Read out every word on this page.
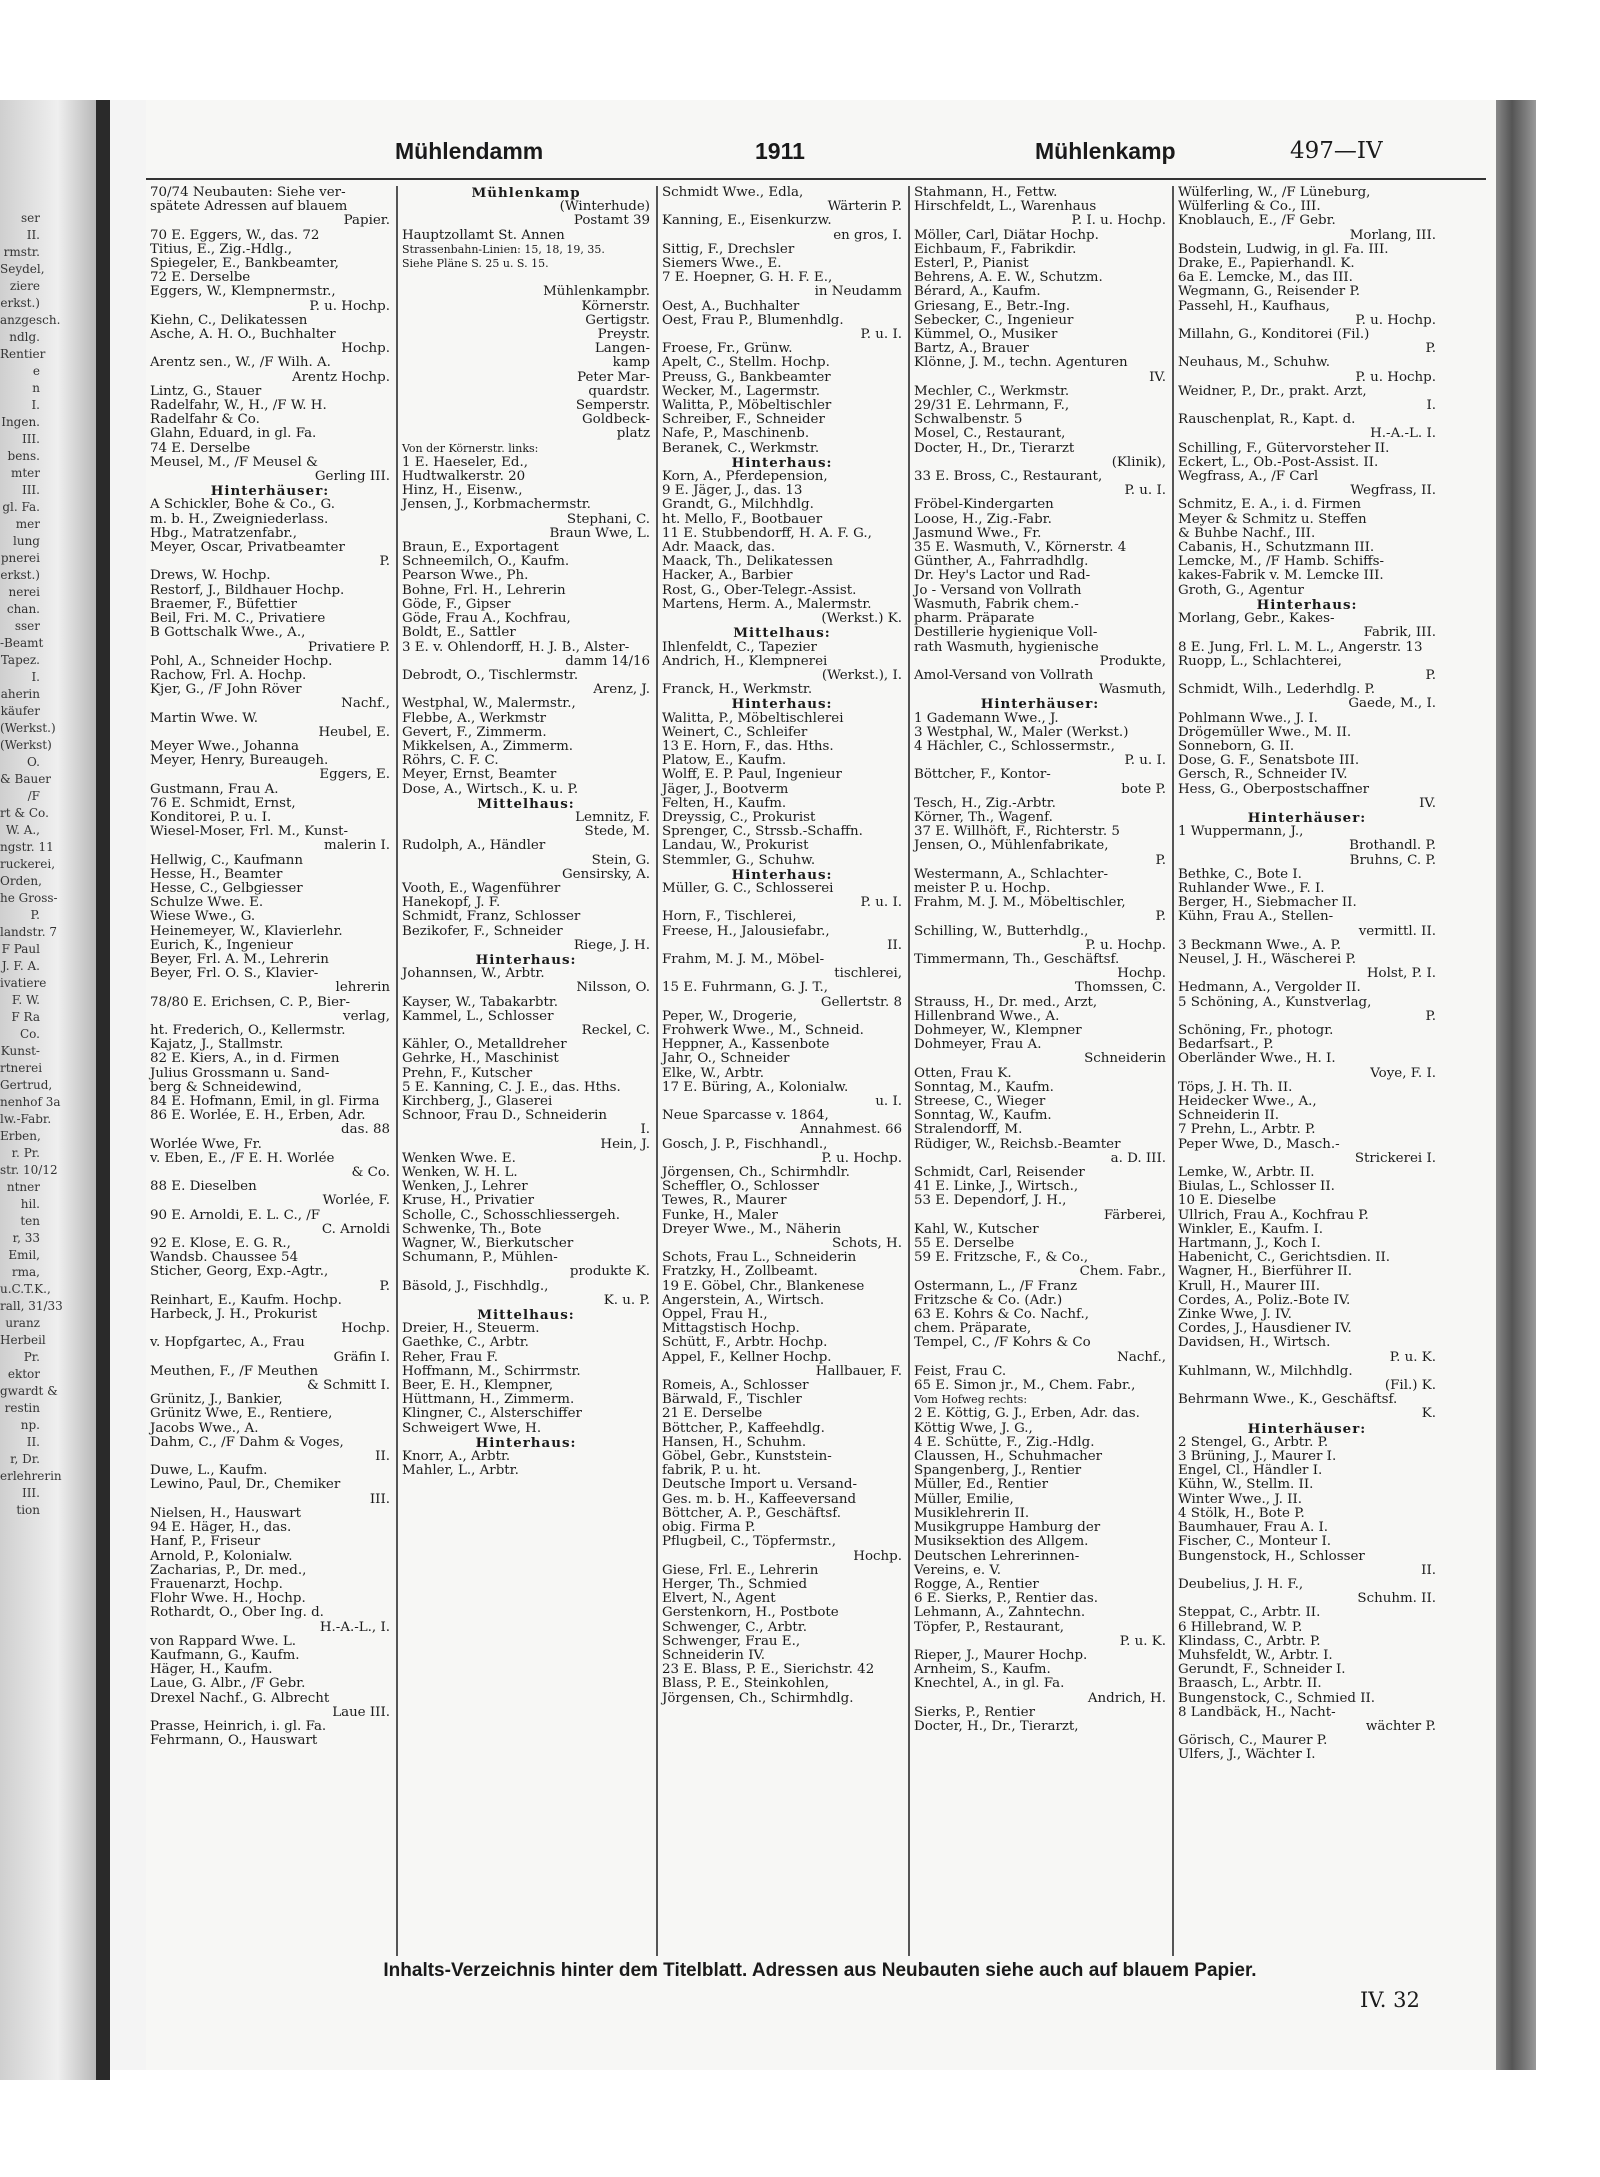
ser
II.
rmstr.
Seydel,
ziere
erkst.)
anzgesch.
ndlg.
Rentier
e
n
I.
Ingen.
III.
bens.
mter
III.
gl. Fa.
mer
lung
pnerei
erkst.)
nerei
chan.
sser
-Beamt
Tapez.
I.
aherin
käufer
(Werkst.)
(Werkst)
O.
& Bauer
/F
rt & Co.
W. A.,
ngstr. 11
ruckerei,
Orden,
he Gross-
P.
landstr. 7
F Paul
J. F. A.
ivatiere
F. W.
F Ra
Co.
Kunst-
rtnerei
Gertrud,
nenhof 3a
lw.-Fabr.
Erben,
r. Pr.
str. 10/12
ntner
hil.
ten
r, 33
Emil,
rma,
u.C.T.K.,
rall, 31/33
uranz
Herbeil
Pr.
ektor
gwardt &
restin
np.
II.
r, Dr.
erlehrerin
III.
tion
Mühlendamm	1911	Mühlenkamp	497—IV
70/74 Neubauten: Siehe ver-
spätete Adressen auf blauem
Papier.
70 E. Eggers, W., das. 72
Titius, E., Zig.-Hdlg.,
Spiegeler, E., Bankbeamter,
72 E. Derselbe
Eggers, W., Klempnermstr.,
P. u. Hochp.
Kiehn, C., Delikatessen
Asche, A. H. O., Buchhalter
Hochp.
Arentz sen., W., /F Wilh. A.
Arentz Hochp.
Lintz, G., Stauer
Radelfahr, W., H., /F W. H.
Radelfahr & Co.
Glahn, Eduard, in gl. Fa.
74 E. Derselbe
Meusel, M., /F Meusel &
Gerling III.
Hinterhäuser:
A Schickler, Bohe & Co., G.
m. b. H., Zweigniederlass.
Hbg., Matratzenfabr.,
Meyer, Oscar, Privatbeamter
P.
Drews, W. Hochp.
Restorf, J., Bildhauer Hochp.
Braemer, F., Büfettier
Beil, Fri. M. C., Privatiere
B Gottschalk Wwe., A.,
Privatiere P.
Pohl, A., Schneider Hochp.
Rachow, Frl. A. Hochp.
Kjer, G., /F John Röver
Nachf.,
Martin Wwe. W.
Heubel, E.
Meyer Wwe., Johanna
Meyer, Henry, Bureaugeh.
Eggers, E.
Gustmann, Frau A.
76 E. Schmidt, Ernst,
Konditorei, P. u. I.
Wiesel-Moser, Frl. M., Kunst-
malerin I.
Hellwig, C., Kaufmann
Hesse, H., Beamter
Hesse, C., Gelbgiesser
Schulze Wwe. E.
Wiese Wwe., G.
Heinemeyer, W., Klavierlehr.
Eurich, K., Ingenieur
Beyer, Frl. A. M., Lehrerin
Beyer, Frl. O. S., Klavier-
lehrerin
78/80 E. Erichsen, C. P., Bier-
verlag,
ht. Frederich, O., Kellermstr.
Kajatz, J., Stallmstr.
82 E. Kiers, A., in d. Firmen
Julius Grossmann u. Sand-
berg & Schneidewind,
84 E. Hofmann, Emil, in gl. Firma
86 E. Worlée, E. H., Erben, Adr.
das. 88
Worlée Wwe, Fr.
v. Eben, E., /F E. H. Worlée
& Co.
88 E. Dieselben
Worlée, F.
90 E. Arnoldi, E. L. C., /F
C. Arnoldi
92 E. Klose, E. G. R.,
Wandsb. Chaussee 54
Sticher, Georg, Exp.-Agtr.,
P.
Reinhart, E., Kaufm. Hochp.
Harbeck, J. H., Prokurist
Hochp.
v. Hopfgartec, A., Frau
Gräfin I.
Meuthen, F., /F Meuthen
& Schmitt I.
Grünitz, J., Bankier,
Grünitz Wwe, E., Rentiere,
Jacobs Wwe., A.
Dahm, C., /F Dahm & Voges,
II.
Duwe, L., Kaufm.
Lewino, Paul, Dr., Chemiker
III.
Nielsen, H., Hauswart
94 E. Häger, H., das.
Hanf, P., Friseur
Arnold, P., Kolonialw.
Zacharias, P., Dr. med.,
Frauenarzt, Hochp.
Flohr Wwe. H., Hochp.
Rothardt, O., Ober Ing. d.
H.-A.-L., I.
von Rappard Wwe. L.
Kaufmann, G., Kaufm.
Häger, H., Kaufm.
Laue, G. Albr., /F Gebr.
Drexel Nachf., G. Albrecht
Laue III.
Prasse, Heinrich, i. gl. Fa.
Fehrmann, O., Hauswart
Mühlenkamp
(Winterhude)
Postamt 39
Hauptzollamt St. Annen
Strassenbahn-Linien: 15, 18, 19, 35.
Siehe Pläne S. 25 u. S. 15.

Mühlenkampbr.
Körnerstr.
Gertigstr.
Preystr.
Langen-
kamp
Peter Mar-
quardstr.
Semperstr.
Goldbeck-
platz
Von der Körnerstr. links:
1 E. Haeseler, Ed.,
Hudtwalkerstr. 20
Hinz, H., Eisenw.,
Jensen, J., Korbmachermstr.
Stephani, C.
Braun Wwe, L.
Braun, E., Exportagent
Schneemilch, O., Kaufm.
Pearson Wwe., Ph.
Bohne, Frl. H., Lehrerin
Göde, F., Gipser
Göde, Frau A., Kochfrau,
Boldt, E., Sattler
3 E. v. Ohlendorff, H. J. B., Alster-
damm 14/16
Debrodt, O., Tischlermstr.
Arenz, J.
Westphal, W., Malermstr.,
Flebbe, A., Werkmstr
Gevert, F., Zimmerm.
Mikkelsen, A., Zimmerm.
Röhrs, C. F. C.
Meyer, Ernst, Beamter
Dose, A., Wirtsch., K. u. P.
Mittelhaus:
Lemnitz, F.
Stede, M.
Rudolph, A., Händler
Stein, G.
Gensirsky, A.
Vooth, E., Wagenführer
Hanekopf, J. F.
Schmidt, Franz, Schlosser
Bezikofer, F., Schneider
Riege, J. H.
Hinterhaus:
Johannsen, W., Arbtr.
Nilsson, O.
Kayser, W., Tabakarbtr.
Kammel, L., Schlosser
Reckel, C.
Kähler, O., Metalldreher
Gehrke, H., Maschinist
Prehn, F., Kutscher
5 E. Kanning, C. J. E., das. Hths.
Kirchberg, J., Glaserei
Schnoor, Frau D., Schneiderin
I.
Hein, J.
Wenken Wwe. E.
Wenken, W. H. L.
Wenken, J., Lehrer
Kruse, H., Privatier
Scholle, C., Schosschliessergeh.
Schwenke, Th., Bote
Wagner, W., Bierkutscher
Schumann, P., Mühlen-
produkte K.
Bäsold, J., Fischhdlg.,
K. u. P.
Mittelhaus:
Dreier, H., Steuerm.
Gaethke, C., Arbtr.
Reher, Frau F.
Hoffmann, M., Schirrmstr.
Beer, E. H., Klempner,
Hüttmann, H., Zimmerm.
Klingner, C., Alsterschiffer
Schweigert Wwe, H.
Hinterhaus:
Knorr, A., Arbtr.
Mahler, L., Arbtr.
Schmidt Wwe., Edla,
Wärterin P.
Kanning, E., Eisenkurzw.
en gros, I.
Sittig, F., Drechsler
Siemers Wwe., E.
7 E. Hoepner, G. H. F. E.,
in Neudamm
Oest, A., Buchhalter
Oest, Frau P., Blumenhdlg.
P. u. I.
Froese, Fr., Grünw.
Apelt, C., Stellm. Hochp.
Preuss, G., Bankbeamter
Wecker, M., Lagermstr.
Walitta, P., Möbeltischler
Schreiber, F., Schneider
Nafe, P., Maschinenb.
Beranek, C., Werkmstr.
Hinterhaus:
Korn, A., Pferdepension,
9 E. Jäger, J., das. 13
Grandt, G., Milchhdlg.
ht. Mello, F., Bootbauer
11 E. Stubbendorff, H. A. F. G.,
Adr. Maack, das.
Maack, Th., Delikatessen
Hacker, A., Barbier
Rost, G., Ober-Telegr.-Assist.
Martens, Herm. A., Malermstr.
(Werkst.) K.
Mittelhaus:
Ihlenfeldt, C., Tapezier
Andrich, H., Klempnerei
(Werkst.), I.
Franck, H., Werkmstr.
Hinterhaus:
Walitta, P., Möbeltischlerei
Weinert, C., Schleifer
13 E. Horn, F., das. Hths.
Platow, E., Kaufm.
Wolff, E. P. Paul, Ingenieur
Jäger, J., Bootverm
Felten, H., Kaufm.
Dreyssig, C., Prokurist
Sprenger, C., Strssb.-Schaffn.
Landau, W., Prokurist
Stemmler, G., Schuhw.
Hinterhaus:
Müller, G. C., Schlosserei
P. u. I.
Horn, F., Tischlerei,
Freese, H., Jalousiefabr.,
II.
Frahm, M. J. M., Möbel-
tischlerei,
15 E. Fuhrmann, G. J. T.,
Gellertstr. 8
Peper, W., Drogerie,
Frohwerk Wwe., M., Schneid.
Heppner, A., Kassenbote
Jahr, O., Schneider
Elke, W., Arbtr.
17 E. Büring, A., Kolonialw.
u. I.
Neue Sparcasse v. 1864,
Annahmest. 66
Gosch, J. P., Fischhandl.,
P. u. Hochp.
Jörgensen, Ch., Schirmhdlr.
Scheffler, O., Schlosser
Tewes, R., Maurer
Funke, H., Maler
Dreyer Wwe., M., Näherin
Schots, H.
Schots, Frau L., Schneiderin
Fratzky, H., Zollbeamt.
19 E. Göbel, Chr., Blankenese
Angerstein, A., Wirtsch.
Oppel, Frau H.,
Mittagstisch Hochp.
Schütt, F., Arbtr. Hochp.
Appel, F., Kellner Hochp.
Hallbauer, F.
Romeis, A., Schlosser
Bärwald, F., Tischler
21 E. Derselbe
Böttcher, P., Kaffeehdlg.
Hansen, H., Schuhm.
Göbel, Gebr., Kunststein-
fabrik, P. u. ht.
Deutsche Import u. Versand-
Ges. m. b. H., Kaffeeversand
Böttcher, A. P., Geschäftsf.
obig. Firma P.
Pflugbeil, C., Töpfermstr.,
Hochp.
Giese, Frl. E., Lehrerin
Herger, Th., Schmied
Elvert, N., Agent
Gerstenkorn, H., Postbote
Schwenger, C., Arbtr.
Schwenger, Frau E.,
Schneiderin IV.
23 E. Blass, P. E., Sierichstr. 42
Blass, P. E., Steinkohlen,
Jörgensen, Ch., Schirmhdlg.
Stahmann, H., Fettw.
Hirschfeldt, L., Warenhaus
P. I. u. Hochp.
Möller, Carl, Diätar Hochp.
Eichbaum, F., Fabrikdir.
Esterl, P., Pianist
Behrens, A. E. W., Schutzm.
Bérard, A., Kaufm.
Griesang, E., Betr.-Ing.
Sebecker, C., Ingenieur
Kümmel, O., Musiker
Bartz, A., Brauer
Klönne, J. M., techn. Agenturen
IV.
Mechler, C., Werkmstr.
29/31 E. Lehrmann, F.,
Schwalbenstr. 5
Mosel, C., Restaurant,
Docter, H., Dr., Tierarzt
(Klinik),
33 E. Bross, C., Restaurant,
P. u. I.
Fröbel-Kindergarten
Loose, H., Zig.-Fabr.
Jasmund Wwe., Fr.
35 E. Wasmuth, V., Körnerstr. 4
Günther, A., Fahrradhdlg.
Dr. Hey's Lactor und Rad-
Jo - Versand von Vollrath
Wasmuth, Fabrik chem.-
pharm. Präparate
Destillerie hygienique Voll-
rath Wasmuth, hygienische
Produkte,
Amol-Versand von Vollrath
Wasmuth,
Hinterhäuser:
1 Gademann Wwe., J.
3 Westphal, W., Maler (Werkst.)
4 Hächler, C., Schlossermstr.,
P. u. I.
Böttcher, F., Kontor-
bote P.
Tesch, H., Zig.-Arbtr.
Körner, Th., Wagenf.
37 E. Willhöft, F., Richterstr. 5
Jensen, O., Mühlenfabrikate,
P.
Westermann, A., Schlachter-
meister P. u. Hochp.
Frahm, M. J. M., Möbeltischler,
P.
Schilling, W., Butterhdlg.,
P. u. Hochp.
Timmermann, Th., Geschäftsf.
Hochp.
Thomssen, C.
Strauss, H., Dr. med., Arzt,
Hillenbrand Wwe., A.
Dohmeyer, W., Klempner
Dohmeyer, Frau A.
Schneiderin
Otten, Frau K.
Sonntag, M., Kaufm.
Streese, C., Wieger
Sonntag, W., Kaufm.
Stralendorff, M.
Rüdiger, W., Reichsb.-Beamter
a. D. III.
Schmidt, Carl, Reisender
41 E. Linke, J., Wirtsch.,
53 E. Dependorf, J. H.,
Färberei,
Kahl, W., Kutscher
55 E. Derselbe
59 E. Fritzsche, F., & Co.,
Chem. Fabr.,
Ostermann, L., /F Franz
Fritzsche & Co. (Adr.)
63 E. Kohrs & Co. Nachf.,
chem. Präparate,
Tempel, C., /F Kohrs & Co
Nachf.,
Feist, Frau C.
65 E. Simon jr., M., Chem. Fabr.,
Vom Hofweg rechts:
2 E. Köttig, G. J., Erben, Adr. das.
Köttig Wwe, J. G.,
4 E. Schütte, F., Zig.-Hdlg.
Claussen, H., Schuhmacher
Spangenberg, J., Rentier
Müller, Ed., Rentier
Müller, Emilie,
Musiklehrerin II.
Musikgruppe Hamburg der
Musiksektion des Allgem.
Deutschen Lehrerinnen-
Vereins, e. V.
Rogge, A., Rentier
6 E. Sierks, P., Rentier das.
Lehmann, A., Zahntechn.
Töpfer, P., Restaurant,
P. u. K.
Rieper, J., Maurer Hochp.
Arnheim, S., Kaufm.
Knechtel, A., in gl. Fa.
Andrich, H.
Sierks, P., Rentier
Docter, H., Dr., Tierarzt,
Wülferling, W., /F Lüneburg,
Wülferling & Co., III.
Knoblauch, E., /F Gebr.
Morlang, III.
Bodstein, Ludwig, in gl. Fa. III.
Drake, E., Papierhandl. K.
6a E. Lemcke, M., das III.
Wegmann, G., Reisender P.
Passehl, H., Kaufhaus,
P. u. Hochp.
Millahn, G., Konditorei (Fil.)
P.
Neuhaus, M., Schuhw.
P. u. Hochp.
Weidner, P., Dr., prakt. Arzt,
I.
Rauschenplat, R., Kapt. d.
H.-A.-L. I.
Schilling, F., Gütervorsteher II.
Eckert, L., Ob.-Post-Assist. II.
Wegfrass, A., /F Carl
Wegfrass, II.
Schmitz, E. A., i. d. Firmen
Meyer & Schmitz u. Steffen
& Buhbe Nachf., III.
Cabanis, H., Schutzmann III.
Lemcke, M., /F Hamb. Schiffs-
kakes-Fabrik v. M. Lemcke III.
Groth, G., Agentur
Hinterhaus:
Morlang, Gebr., Kakes-
Fabrik, III.
8 E. Jung, Frl. L. M. L., Angerstr. 13
Ruopp, L., Schlachterei,
P.
Schmidt, Wilh., Lederhdlg. P.
Gaede, M., I.
Pohlmann Wwe., J. I.
Drögemüller Wwe., M. II.
Sonneborn, G. II.
Dose, G. F., Senatsbote III.
Gersch, R., Schneider IV.
Hess, G., Oberpostschaffner
IV.
Hinterhäuser:
1 Wuppermann, J.,
Brothandl. P.
Bruhns, C. P.
Bethke, C., Bote I.
Ruhlander Wwe., F. I.
Berger, H., Siebmacher II.
Kühn, Frau A., Stellen-
vermittl. II.
3 Beckmann Wwe., A. P.
Neusel, J. H., Wäscherei P.
Holst, P. I.
Hedmann, A., Vergolder II.
5 Schöning, A., Kunstverlag,
P.
Schöning, Fr., photogr.
Bedarfsart., P.
Oberländer Wwe., H. I.
Voye, F. I.
Töps, J. H. Th. II.
Heidecker Wwe., A.,
Schneiderin II.
7 Prehn, L., Arbtr. P.
Peper Wwe, D., Masch.-
Strickerei I.
Lemke, W., Arbtr. II.
Biulas, L., Schlosser II.
10 E. Dieselbe
Ullrich, Frau A., Kochfrau P.
Winkler, E., Kaufm. I.
Hartmann, J., Koch I.
Habenicht, C., Gerichtsdien. II.
Wagner, H., Bierführer II.
Krull, H., Maurer III.
Cordes, A., Poliz.-Bote IV.
Zinke Wwe, J. IV.
Cordes, J., Hausdiener IV.
Davidsen, H., Wirtsch.
P. u. K.
Kuhlmann, W., Milchhdlg.
(Fil.) K.
Behrmann Wwe., K., Geschäftsf.
K.
Hinterhäuser:
2 Stengel, G., Arbtr. P.
3 Brüning, J., Maurer I.
Engel, Cl., Händler I.
Kühn, W., Stellm. II.
Winter Wwe., J. II.
4 Stölk, H., Bote P.
Baumhauer, Frau A. I.
Fischer, C., Monteur I.
Bungenstock, H., Schlosser
II.
Deubelius, J. H. F.,
Schuhm. II.
Steppat, C., Arbtr. II.
6 Hillebrand, W. P.
Klindass, C., Arbtr. P.
Muhsfeldt, W., Arbtr. I.
Gerundt, F., Schneider I.
Braasch, L., Arbtr. II.
Bungenstock, C., Schmied II.
8 Landbäck, H., Nacht-
wächter P.
Görisch, C., Maurer P.
Ulfers, J., Wächter I.
Inhalts-Verzeichnis hinter dem Titelblatt. Adressen aus Neubauten siehe auch auf blauem Papier.
IV. 32
